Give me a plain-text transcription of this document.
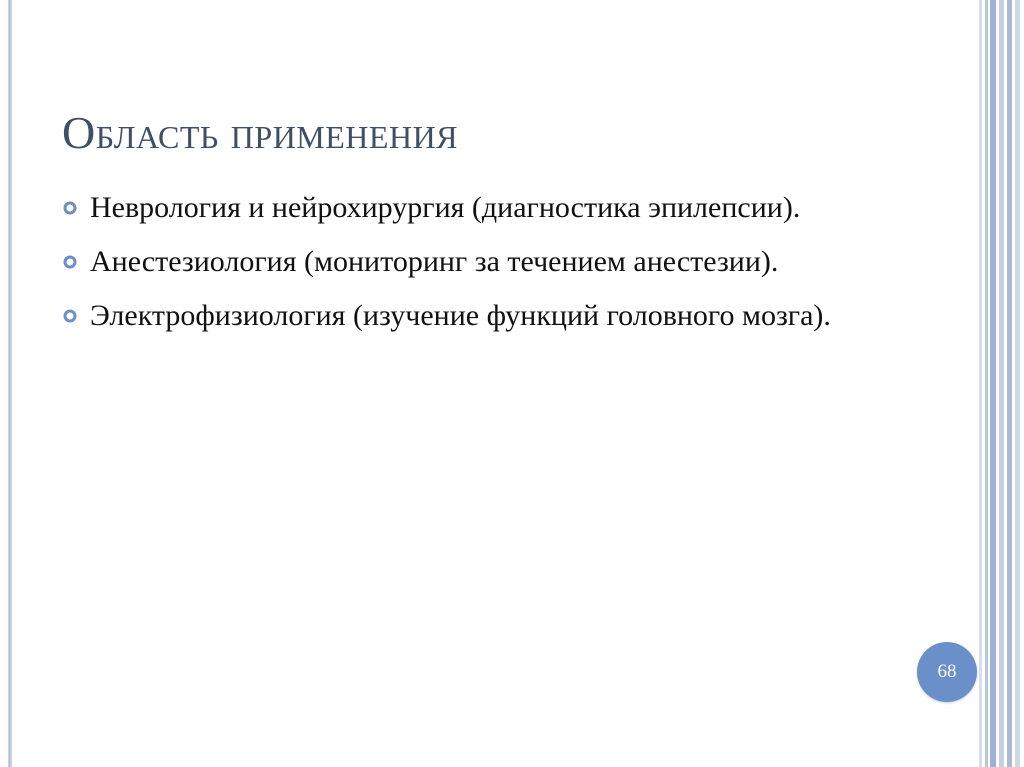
Область применения
Неврология и нейрохирургия (диагностика эпилепсии).
Анестезиология (мониторинг за течением анестезии).
Электрофизиология (изучение функций головного мозга).
68
